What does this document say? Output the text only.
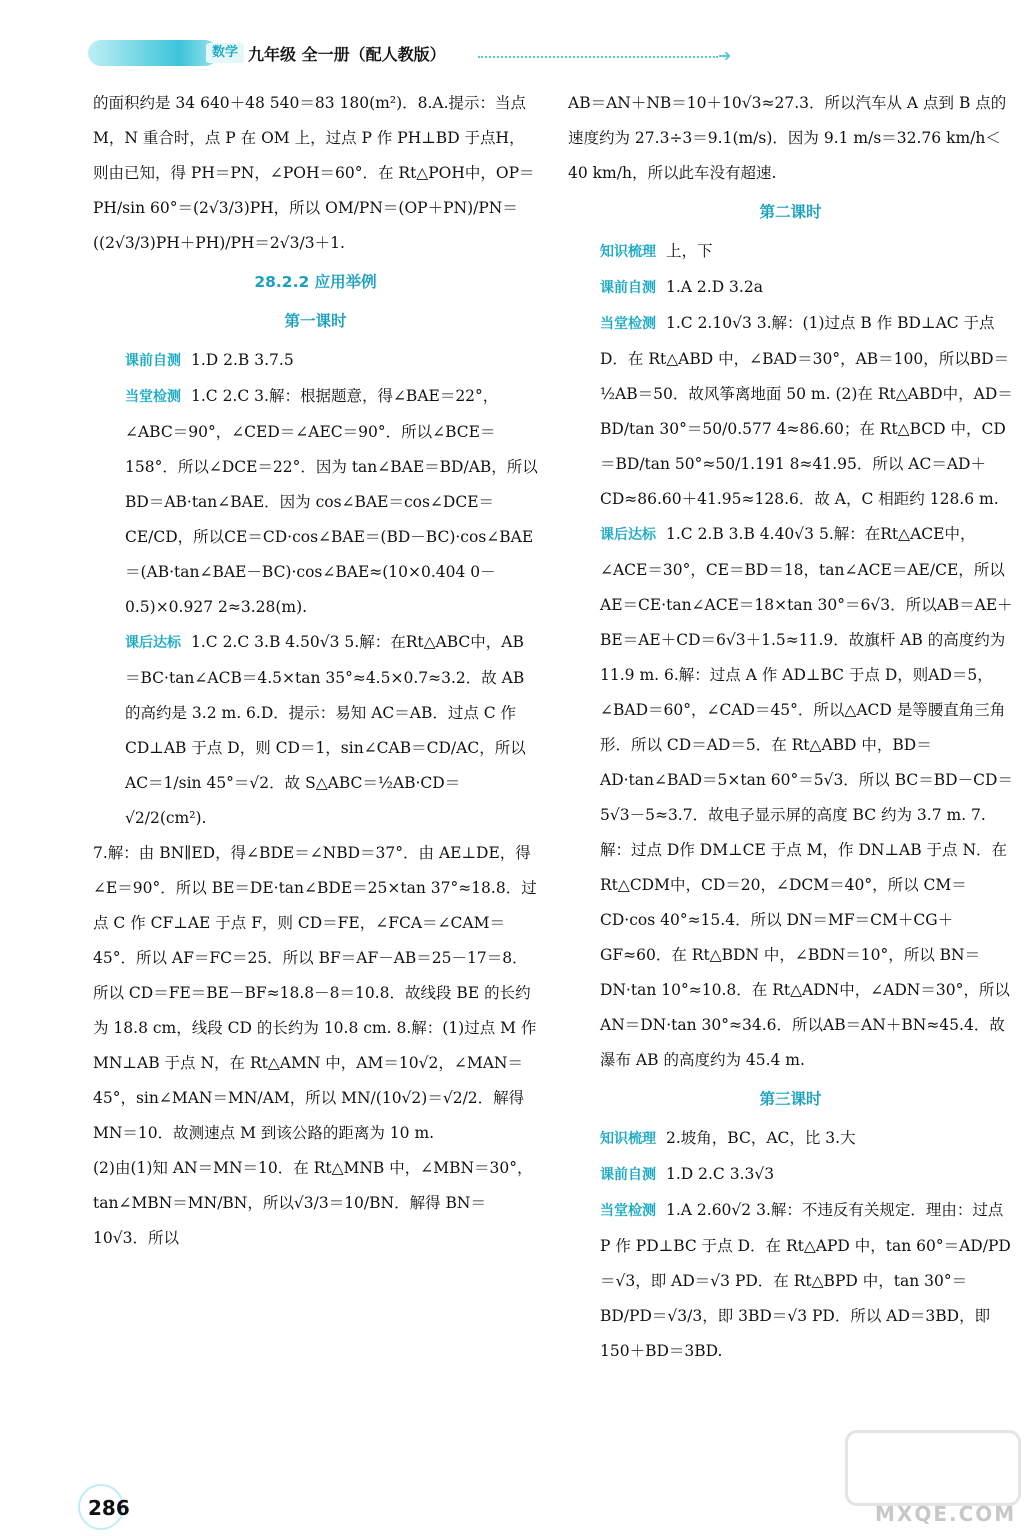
数学 九年级 全一册（配人教版）	➜

的面积约是 34 640＋48 540＝83 180(m²)．8.A.提示：当点M，N 重合时，点 P 在 OM 上，过点 P 作 PH⊥BD 于点H，则由已知，得 PH＝PN，∠POH＝60°．在 Rt△POH中，OP＝PH/sin 60°＝(2√3/3)PH，所以 OM/PN＝(OP＋PN)/PN＝((2√3/3)PH＋PH)/PH＝2√3/3＋1.

28.2.2 应用举例
第一课时

课前自测 1.D 2.B 3.7.5

当堂检测 1.C 2.C 3.解：根据题意，得∠BAE＝22°，∠ABC＝90°，∠CED＝∠AEC＝90°．所以∠BCE＝158°．所以∠DCE＝22°．因为 tan∠BAE＝BD/AB，所以 BD＝AB·tan∠BAE．因为 cos∠BAE＝cos∠DCE＝CE/CD，所以CE＝CD·cos∠BAE＝(BD－BC)·cos∠BAE＝(AB·tan∠BAE－BC)·cos∠BAE≈(10×0.404 0－0.5)×0.927 2≈3.28(m).

课后达标 1.C 2.C 3.B 4.50√3 5.解：在Rt△ABC中，AB＝BC·tan∠ACB＝4.5×tan 35°≈4.5×0.7≈3.2．故 AB 的高约是 3.2 m. 6.D．提示：易知 AC＝AB．过点 C 作 CD⊥AB 于点 D，则 CD＝1，sin∠CAB＝CD/AC，所以 AC＝1/sin 45°＝√2．故 S△ABC＝½AB·CD＝√2/2(cm²).

7.解：由 BN∥ED，得∠BDE＝∠NBD＝37°．由 AE⊥DE，得∠E＝90°．所以 BE＝DE·tan∠BDE＝25×tan 37°≈18.8．过点 C 作 CF⊥AE 于点 F，则 CD＝FE，∠FCA＝∠CAM＝45°．所以 AF＝FC＝25．所以 BF＝AF－AB＝25－17＝8．所以 CD＝FE＝BE－BF≈18.8－8＝10.8．故线段 BE 的长约为 18.8 cm，线段 CD 的长约为 10.8 cm. 8.解：(1)过点 M 作 MN⊥AB 于点 N，在 Rt△AMN 中，AM＝10√2，∠MAN＝45°，sin∠MAN＝MN/AM，所以 MN/(10√2)＝√2/2．解得 MN＝10．故测速点 M 到该公路的距离为 10 m.

(2)由(1)知 AN＝MN＝10．在 Rt△MNB 中，∠MBN＝30°，tan∠MBN＝MN/BN，所以√3/3＝10/BN．解得 BN＝10√3．所以

AB＝AN＋NB＝10＋10√3≈27.3．所以汽车从 A 点到 B 点的速度约为 27.3÷3＝9.1(m/s)．因为 9.1 m/s＝32.76 km/h＜40 km/h，所以此车没有超速.

第二课时

知识梳理 上，下

课前自测 1.A 2.D 3.2a

当堂检测 1.C 2.10√3 3.解：(1)过点 B 作 BD⊥AC 于点 D．在 Rt△ABD 中，∠BAD＝30°，AB＝100，所以BD＝½AB＝50．故风筝离地面 50 m. (2)在 Rt△ABD中，AD＝BD/tan 30°＝50/0.577 4≈86.60；在 Rt△BCD 中，CD＝BD/tan 50°≈50/1.191 8≈41.95．所以 AC＝AD＋CD≈86.60＋41.95≈128.6．故 A，C 相距约 128.6 m.

课后达标 1.C 2.B 3.B 4.40√3 5.解：在Rt△ACE中，∠ACE＝30°，CE＝BD＝18，tan∠ACE＝AE/CE，所以 AE＝CE·tan∠ACE＝18×tan 30°＝6√3．所以AB＝AE＋BE＝AE＋CD＝6√3＋1.5≈11.9．故旗杆 AB 的高度约为 11.9 m. 6.解：过点 A 作 AD⊥BC 于点 D，则AD＝5，∠BAD＝60°，∠CAD＝45°．所以△ACD 是等腰直角三角形．所以 CD＝AD＝5．在 Rt△ABD 中，BD＝AD·tan∠BAD＝5×tan 60°＝5√3．所以 BC＝BD－CD＝5√3－5≈3.7．故电子显示屏的高度 BC 约为 3.7 m. 7.解：过点 D作 DM⊥CE 于点 M，作 DN⊥AB 于点 N．在 Rt△CDM中，CD＝20，∠DCM＝40°，所以 CM＝CD·cos 40°≈15.4．所以 DN＝MF＝CM＋CG＋GF≈60．在 Rt△BDN 中，∠BDN＝10°，所以 BN＝DN·tan 10°≈10.8．在 Rt△ADN中，∠ADN＝30°，所以 AN＝DN·tan 30°≈34.6．所以AB＝AN＋BN≈45.4．故瀑布 AB 的高度约为 45.4 m.

第三课时

知识梳理 2.坡角，BC，AC，比 3.大

课前自测 1.D 2.C 3.3√3

当堂检测 1.A 2.60√2 3.解：不违反有关规定．理由：过点 P 作 PD⊥BC 于点 D．在 Rt△APD 中，tan 60°＝AD/PD＝√3，即 AD＝√3 PD．在 Rt△BPD 中，tan 30°＝BD/PD＝√3/3，即 3BD＝√3 PD．所以 AD＝3BD，即 150＋BD＝3BD.

286	MXQE.COM
